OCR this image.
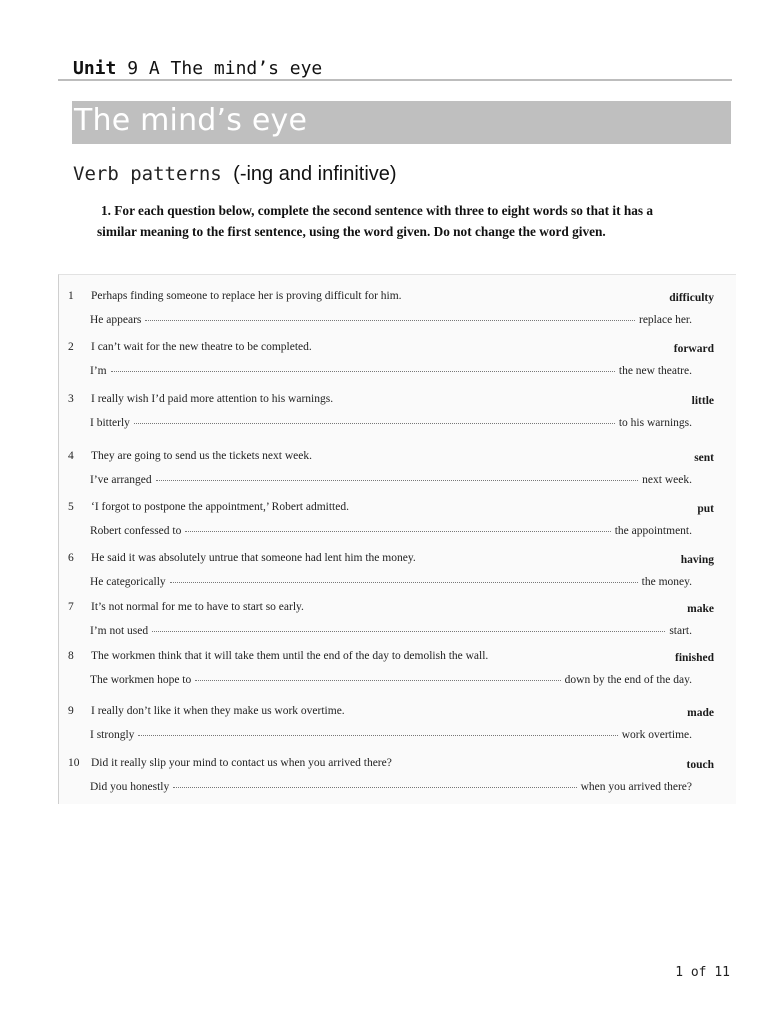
Unit 9 A The mind’s eye
The mind’s eye
Verb patterns (-ing and infinitive)
1. For each question below, complete the second sentence with three to eight words so that it has a
similar meaning to the first sentence, using the word given. Do not change the word given.
1 Perhaps finding someone to replace her is proving difficult for him.	difficulty
He appears	replace her.
2 I can’t wait for the new theatre to be completed.	forward
I’m	the new theatre.
3 I really wish I’d paid more attention to his warnings.	little
I bitterly	to his warnings.
4 They are going to send us the tickets next week.	sent
I’ve arranged	next week.
5 ‘I forgot to postpone the appointment,’ Robert admitted.	put
Robert confessed to	the appointment.
6 He said it was absolutely untrue that someone had lent him the money.	having
He categorically	the money.
7 It’s not normal for me to have to start so early.	make
I’m not used	start.
8 The workmen think that it will take them until the end of the day to demolish the wall.	finished
The workmen hope to	down by the end of the day.
9 I really don’t like it when they make us work overtime.	made
I strongly	work overtime.
10 Did it really slip your mind to contact us when you arrived there?	touch
Did you honestly	when you arrived there?
1 of 11
